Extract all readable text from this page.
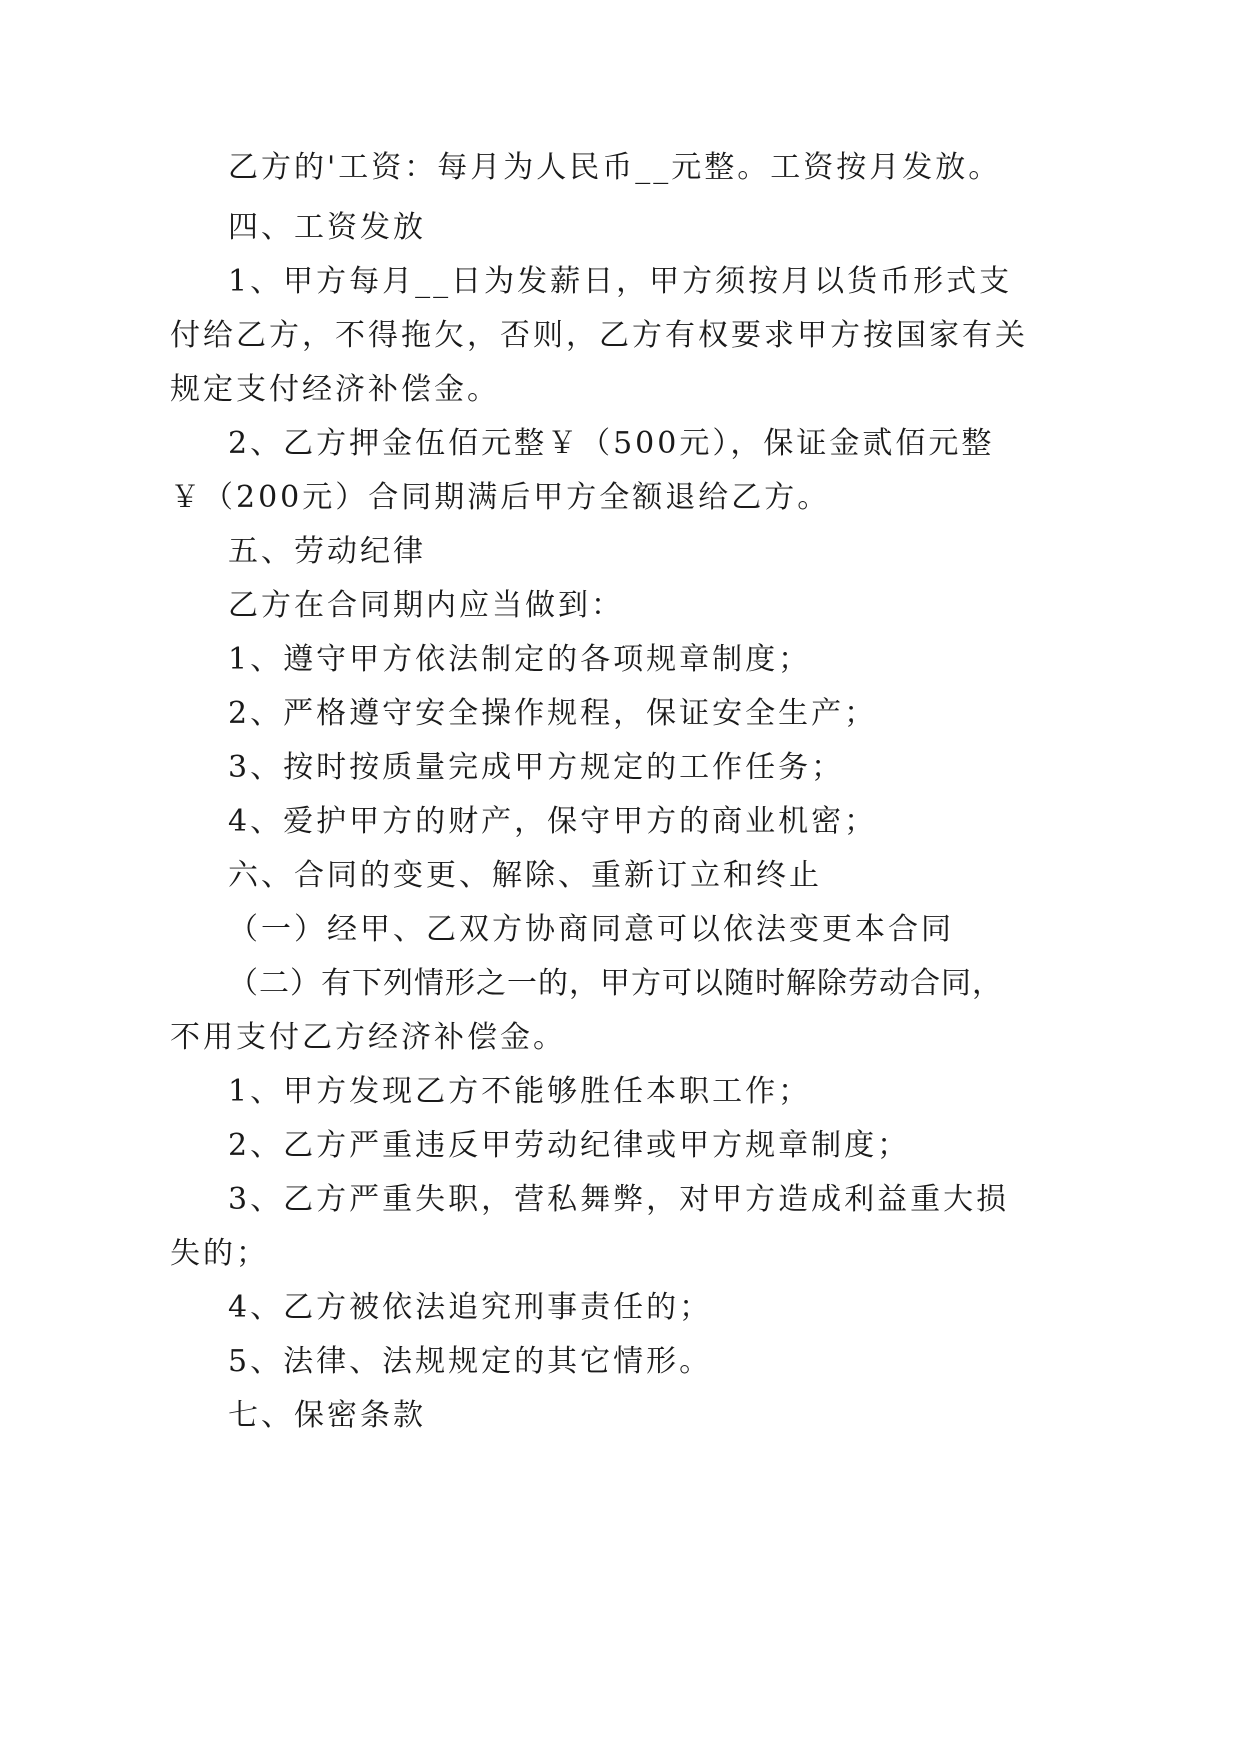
乙方的'工资：每月为人民币__元整。工资按月发放。
四、工资发放
1、甲方每月__日为发薪日，甲方须按月以货币形式支
付给乙方，不得拖欠，否则，乙方有权要求甲方按国家有关
规定支付经济补偿金。
2、乙方押金伍佰元整￥（500元），保证金贰佰元整
￥（200元）合同期满后甲方全额退给乙方。
五、劳动纪律
乙方在合同期内应当做到：
1、遵守甲方依法制定的各项规章制度；
2、严格遵守安全操作规程，保证安全生产；
3、按时按质量完成甲方规定的工作任务；
4、爱护甲方的财产，保守甲方的商业机密；
六、合同的变更、解除、重新订立和终止
（一）经甲、乙双方协商同意可以依法变更本合同
（二）有下列情形之一的，甲方可以随时解除劳动合同，
不用支付乙方经济补偿金。
1、甲方发现乙方不能够胜任本职工作；
2、乙方严重违反甲劳动纪律或甲方规章制度；
3、乙方严重失职，营私舞弊，对甲方造成利益重大损
失的；
4、乙方被依法追究刑事责任的；
5、法律、法规规定的其它情形。
七、保密条款
